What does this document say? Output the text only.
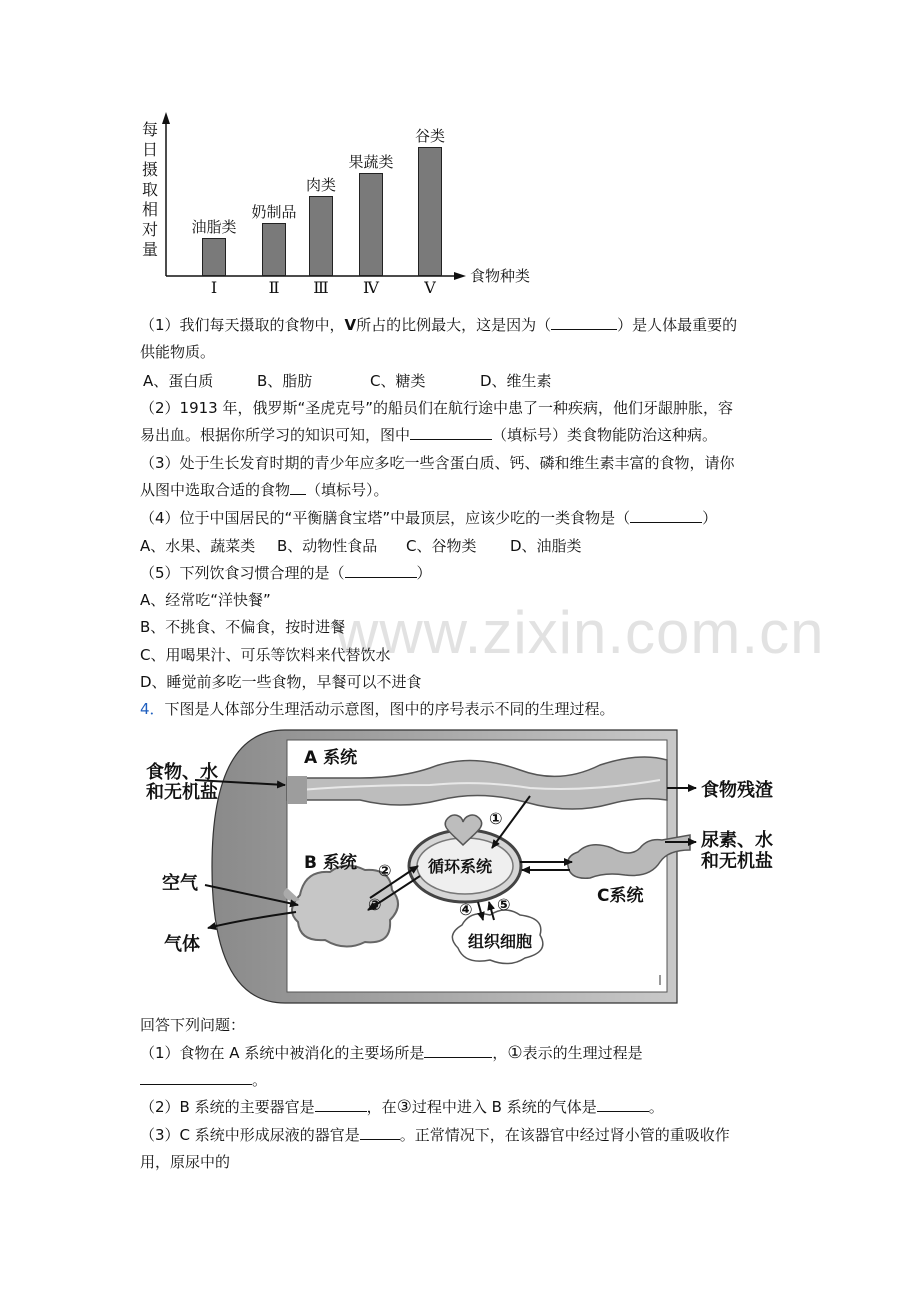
每日摄取相对量
食物种类
油脂类
Ⅰ
奶制品
Ⅱ
肉类
Ⅲ
果蔬类
Ⅳ
谷类
Ⅴ
www.zixin.com.cn
（1）我们每天摄取的食物中，Ⅴ所占的比例最大，这是因为（	）是人体最重要的
供能物质。
A、蛋白质	B、脂肪	C、糖类	D、维生素
（2）1913 年，俄罗斯“圣虎克号”的船员们在航行途中患了一种疾病，他们牙龈肿胀，容
易出血。根据你所学习的知识可知，图中	（填标号）类食物能防治这种病。
（3）处于生长发育时期的青少年应多吃一些含蛋白质、钙、磷和维生素丰富的食物，请你
从图中选取合适的食物 （填标号）。
（4）位于中国居民的“平衡膳食宝塔”中最顶层，应该少吃的一类食物是（	）
A、水果、蔬菜类 B、动物性食品 C、谷物类 D、油脂类
（5）下列饮食习惯合理的是（	）
A、经常吃“洋快餐”
B、不挑食、不偏食，按时进餐
C、用喝果汁、可乐等饮料来代替饮水
D、睡觉前多吃一些食物，早餐可以不进食
4．下图是人体部分生理活动示意图，图中的序号表示不同的生理过程。
食物、水
和无机盐
A 系统
食物残渣
尿素、水
和无机盐
B 系统	循环系统
C系统
空气
气体	组织细胞
①
②
③	④ ⑤
回答下列问题：
（1）食物在 A 系统中被消化的主要场所是	，①表示的生理过程是
。
（2）B 系统的主要器官是	，在③过程中进入 B 系统的气体是	。
（3）C 系统中形成尿液的器官是	。正常情况下，在该器官中经过肾小管的重吸收作
用，原尿中的
